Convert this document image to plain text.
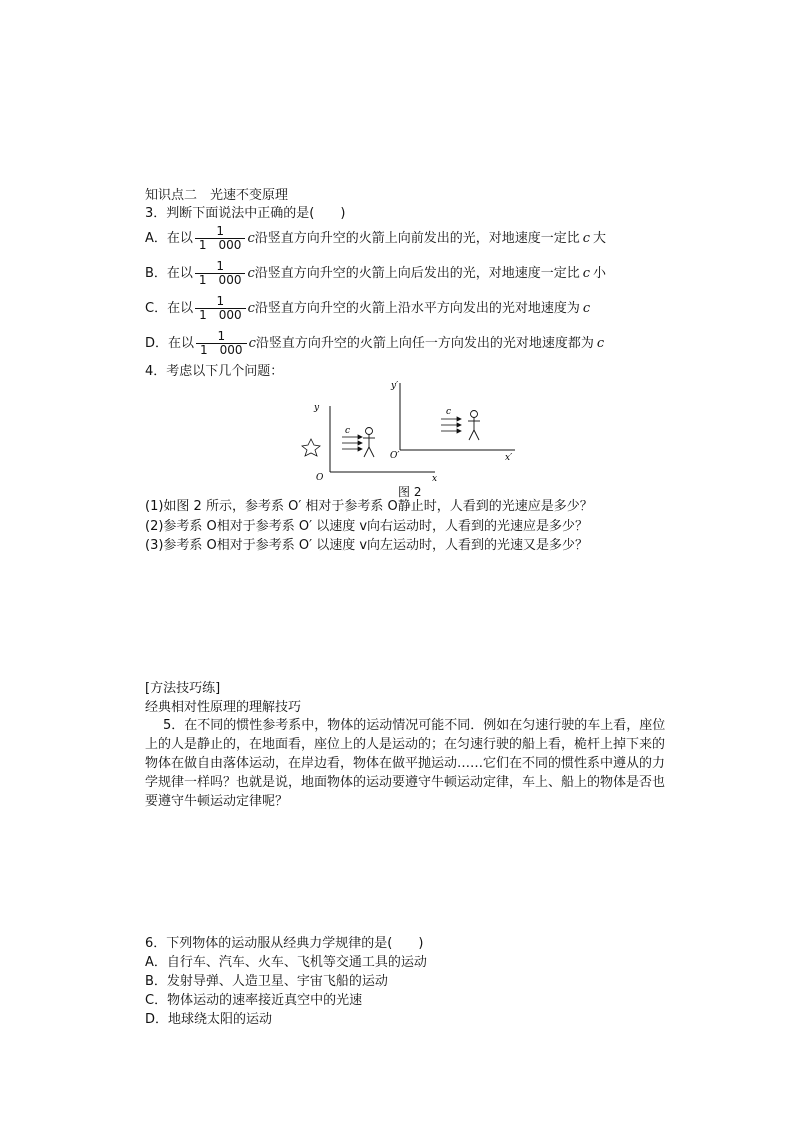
知识点二　光速不变原理
3．判断下面说法中正确的是(　　)
A．在以 $\frac{1}{1 000}$ c 沿竖直方向升空的火箭上向前发出的光，对地速度一定比 c 大
B．在以 $\frac{1}{1 000}$ c 沿竖直方向升空的火箭上向后发出的光，对地速度一定比 c 小
C．在以 $\frac{1}{1 000}$ c 沿竖直方向升空的火箭上沿水平方向发出的光对地速度为 c
D．在以 $\frac{1}{1 000}$ c 沿竖直方向升空的火箭上向任一方向发出的光对地速度都为 c
4．考虑以下几个问题：
y
x
O
c
y′
x′
O′
c
图 2
(1)如图 2 所示，参考系 O′ 相对于参考系 O静止时，人看到的光速应是多少？
(2)参考系 O相对于参考系 O′ 以速度 v向右运动时，人看到的光速应是多少？
(3)参考系 O相对于参考系 O′ 以速度 v向左运动时，人看到的光速又是多少？
[方法技巧练]
经典相对性原理的理解技巧
5．在不同的惯性参考系中，物体的运动情况可能不同．例如在匀速行驶的车上看，座位
上的人是静止的，在地面看，座位上的人是运动的；在匀速行驶的船上看，桅杆上掉下来的
物体在做自由落体运动，在岸边看，物体在做平抛运动……它们在不同的惯性系中遵从的力
学规律一样吗？也就是说，地面物体的运动要遵守牛顿运动定律，车上、船上的物体是否也
要遵守牛顿运动定律呢？
6．下列物体的运动服从经典力学规律的是(　　)
A．自行车、汽车、火车、飞机等交通工具的运动
B．发射导弹、人造卫星、宇宙飞船的运动
C．物体运动的速率接近真空中的光速
D．地球绕太阳的运动
